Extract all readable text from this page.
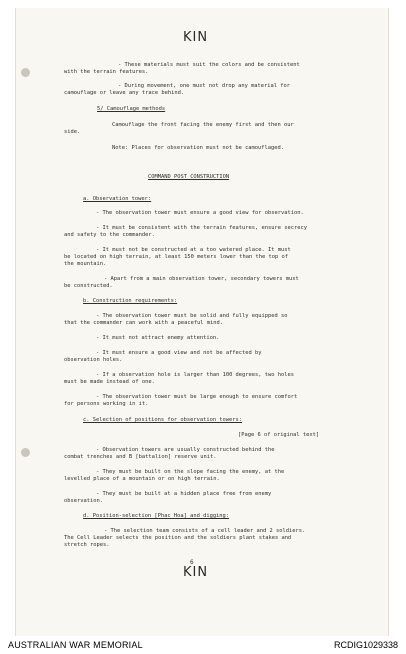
KIN
- These materials must suit the colors and be consistent
with the terrain features.
- During movement, one must not drop any material for
camouflage or leave any trace behind.
5/ Camouflage methods
Camouflage the front facing the enemy first and then our
side.
Note: Places for observation must not be camouflaged.
COMMAND POST CONSTRUCTION
a. Observation tower:
- The observation tower must ensure a good view for observation.
- It must be consistent with the terrain features, ensure secrecy
and safety to the commander.
- It must not be constructed at a too watered place. It must
be located on high terrain, at least 150 meters lower than the top of
the mountain.
- Apart from a main observation tower, secondary towers must
be constructed.
b. Construction requirements:
- The observation tower must be solid and fully equipped so
that the commander can work with a peaceful mind.
- It must not attract enemy attention.
- It must ensure a good view and not be affected by
observation holes.
- If a observation hole is larger than 100 degrees, two holes
must be made instead of one.
- The observation tower must be large enough to ensure comfort
for persons working in it.
c. Selection of positions for observation towers:
[Page 6 of original text]
- Observation towers are usually constructed behind the
combat trenches and B [battalion] reserve unit.
- They must be built on the slope facing the enemy, at the
levelled place of a mountain or on high terrain.
- They must be built at a hidden place free from enemy
observation.
d. Position-selection [Phac Hoa] and digging:
- The selection team consists of a cell leader and 2 soldiers.
The Cell Leader selects the position and the soldiers plant stakes and
stretch ropes.
6
KIN
AUSTRALIAN WAR MEMORIAL	RCDIG1029338
